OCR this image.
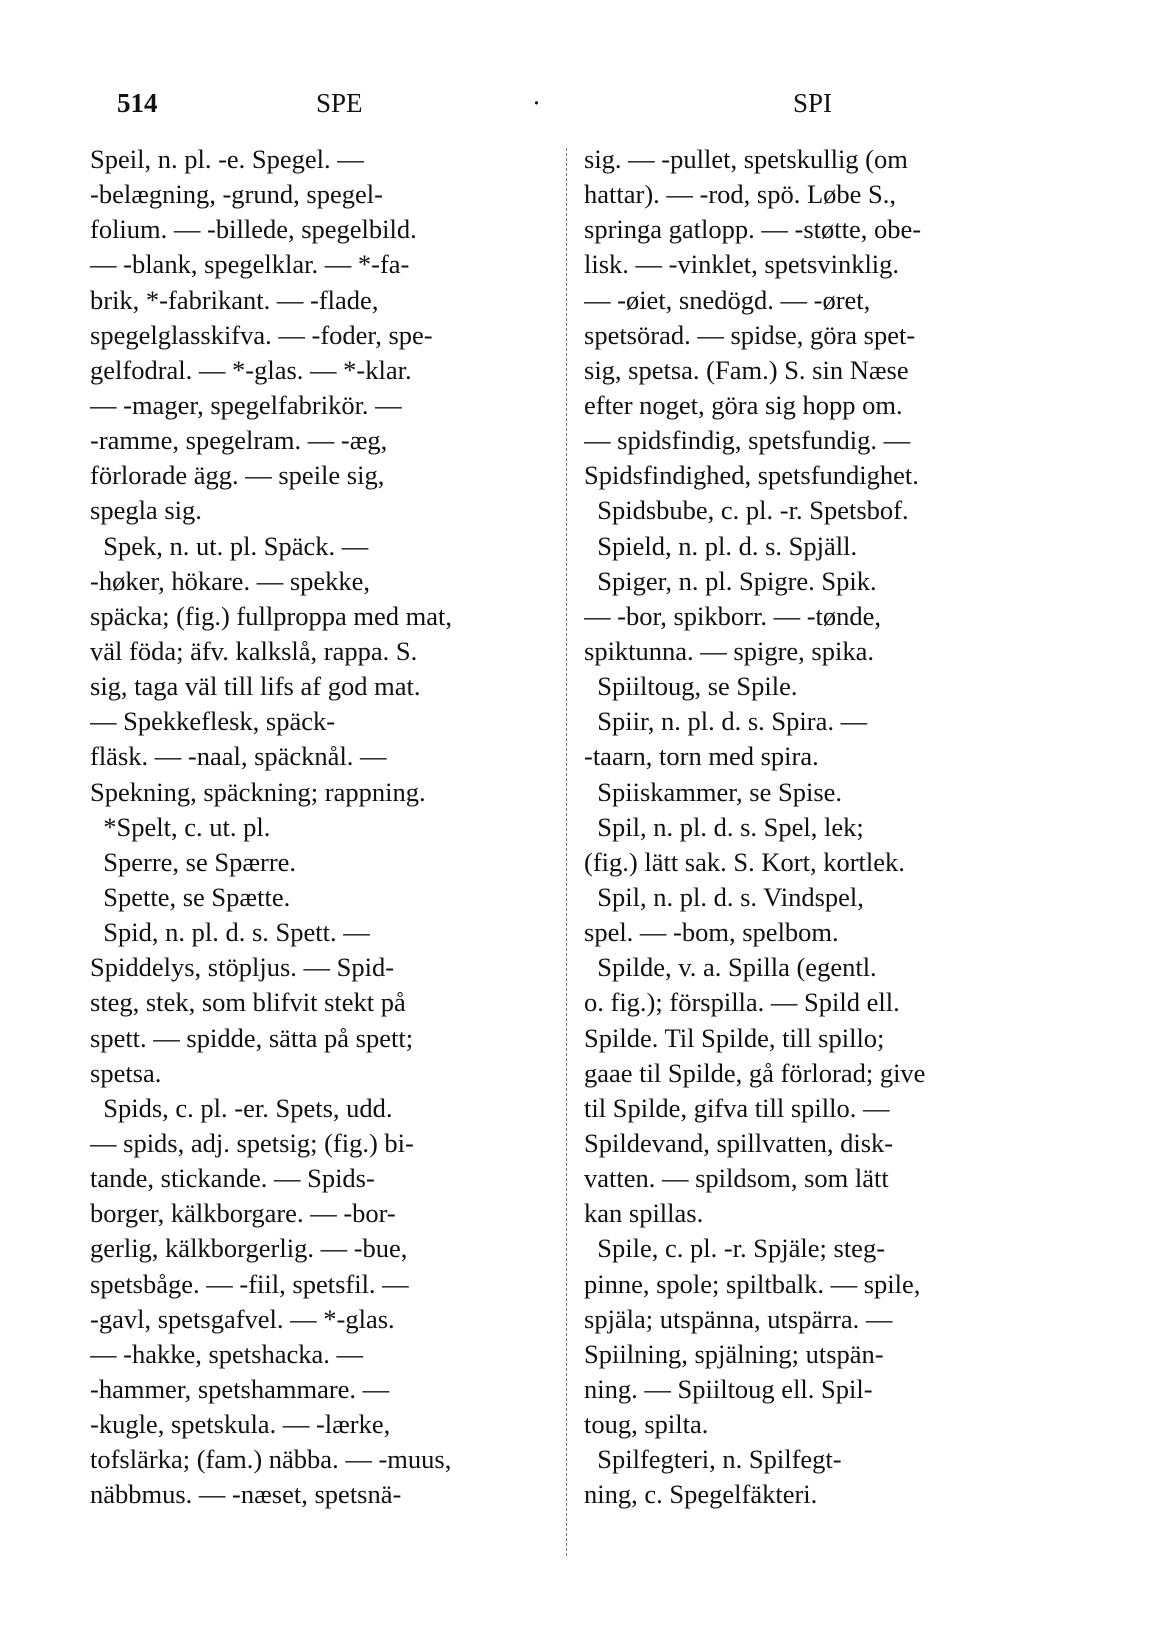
514	SPE	·	SPI
Speil, n. pl. -e. Spegel. —
-belægning, -grund, spegel-
folium. — -billede, spegelbild.
— -blank, spegelklar. — *-fa-
brik, *-fabrikant. — -flade,
spegelglasskifva. — -foder, spe-
gelfodral. — *-glas. — *-klar.
— -mager, spegelfabrikör. —
-ramme, spegelram. — -æg,
förlorade ägg. — speile sig,
spegla sig.
Spek, n. ut. pl. Späck. —
-høker, hökare. — spekke,
späcka; (fig.) fullproppa med mat,
väl föda; äfv. kalkslå, rappa. S.
sig, taga väl till lifs af god mat.
— Spekkeflesk, späck-
fläsk. — -naal, späcknål. —
Spekning, späckning; rappning.
*Spelt, c. ut. pl.
Sperre, se Spærre.
Spette, se Spætte.
Spid, n. pl. d. s. Spett. —
Spiddelys, stöpljus. — Spid-
steg, stek, som blifvit stekt på
spett. — spidde, sätta på spett;
spetsa.
Spids, c. pl. -er. Spets, udd.
— spids, adj. spetsig; (fig.) bi-
tande, stickande. — Spids-
borger, kälkborgare. — -bor-
gerlig, kälkborgerlig. — -bue,
spetsbåge. — -fiil, spetsfil. —
-gavl, spetsgafvel. — *-glas.
— -hakke, spetshacka. —
-hammer, spetshammare. —
-kugle, spetskula. — -lærke,
tofslärka; (fam.) näbba. — -muus,
näbbmus. — -næset, spetsnä-
sig. — -pullet, spetskullig (om
hattar). — -rod, spö. Løbe S.,
springa gatlopp. — -støtte, obe-
lisk. — -vinklet, spetsvinklig.
— -øiet, snedögd. — -øret,
spetsörad. — spidse, göra spet-
sig, spetsa. (Fam.) S. sin Næse
efter noget, göra sig hopp om.
— spidsfindig, spetsfundig. —
Spidsfindighed, spetsfundighet.
Spidsbube, c. pl. -r. Spetsbof.
Spield, n. pl. d. s. Spjäll.
Spiger, n. pl. Spigre. Spik.
— -bor, spikborr. — -tønde,
spiktunna. — spigre, spika.
Spiiltoug, se Spile.
Spiir, n. pl. d. s. Spira. —
-taarn, torn med spira.
Spiiskammer, se Spise.
Spil, n. pl. d. s. Spel, lek;
(fig.) lätt sak. S. Kort, kortlek.
Spil, n. pl. d. s. Vindspel,
spel. — -bom, spelbom.
Spilde, v. a. Spilla (egentl.
o. fig.); förspilla. — Spild ell.
Spilde. Til Spilde, till spillo;
gaae til Spilde, gå förlorad; give
til Spilde, gifva till spillo. —
Spildevand, spillvatten, disk-
vatten. — spildsom, som lätt
kan spillas.
Spile, c. pl. -r. Spjäle; steg-
pinne, spole; spiltbalk. — spile,
spjäla; utspänna, utspärra. —
Spiilning, spjälning; utspän-
ning. — Spiiltoug ell. Spil-
toug, spilta.
Spilfegteri, n. Spilfegt-
ning, c. Spegelfäkteri.
